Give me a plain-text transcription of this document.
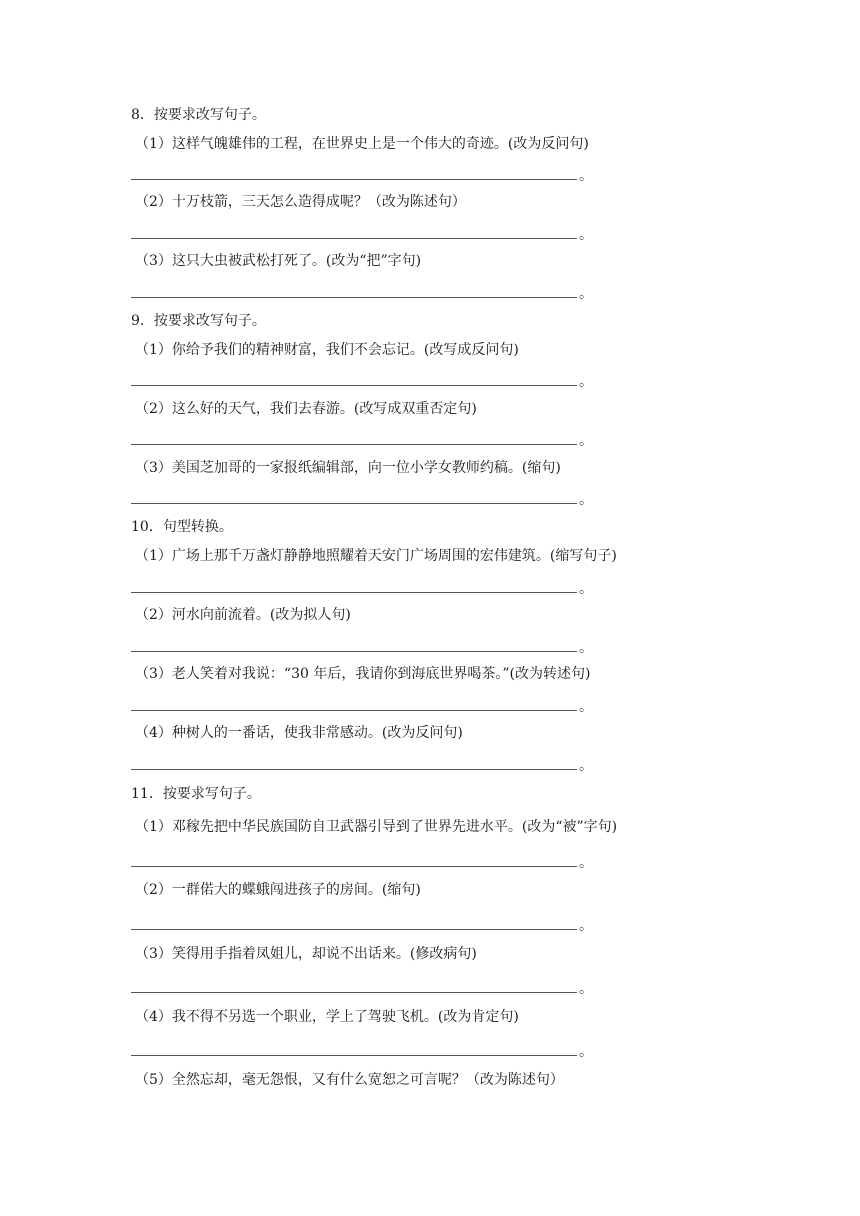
8．按要求改写句子。
（1）这样气魄雄伟的工程，在世界史上是一个伟大的奇迹。(改为反问句)
。
（2）十万枝箭，三天怎么造得成呢？（改为陈述句）
。
（3）这只大虫被武松打死了。(改为“把”字句)
。
9．按要求改写句子。
（1）你给予我们的精神财富，我们不会忘记。(改写成反问句)
。
（2）这么好的天气，我们去春游。(改写成双重否定句)
。
（3）美国芝加哥的一家报纸编辑部，向一位小学女教师约稿。(缩句)
。
10．句型转换。
（1）广场上那千万盏灯静静地照耀着天安门广场周围的宏伟建筑。(缩写句子)
。
（2）河水向前流着。(改为拟人句)
。
（3）老人笑着对我说：“30 年后，我请你到海底世界喝茶。”(改为转述句)
。
（4）种树人的一番话，使我非常感动。(改为反问句)
。
11．按要求写句子。
（1）邓稼先把中华民族国防自卫武器引导到了世界先进水平。(改为“被”字句)
。
（2）一群偌大的蝶蛾闯进孩子的房间。(缩句)
。
（3）笑得用手指着凤姐儿，却说不出话来。(修改病句)
。
（4）我不得不另选一个职业，学上了驾驶飞机。(改为肯定句)
。
（5）全然忘却，毫无怨恨，又有什么宽恕之可言呢？（改为陈述句）
